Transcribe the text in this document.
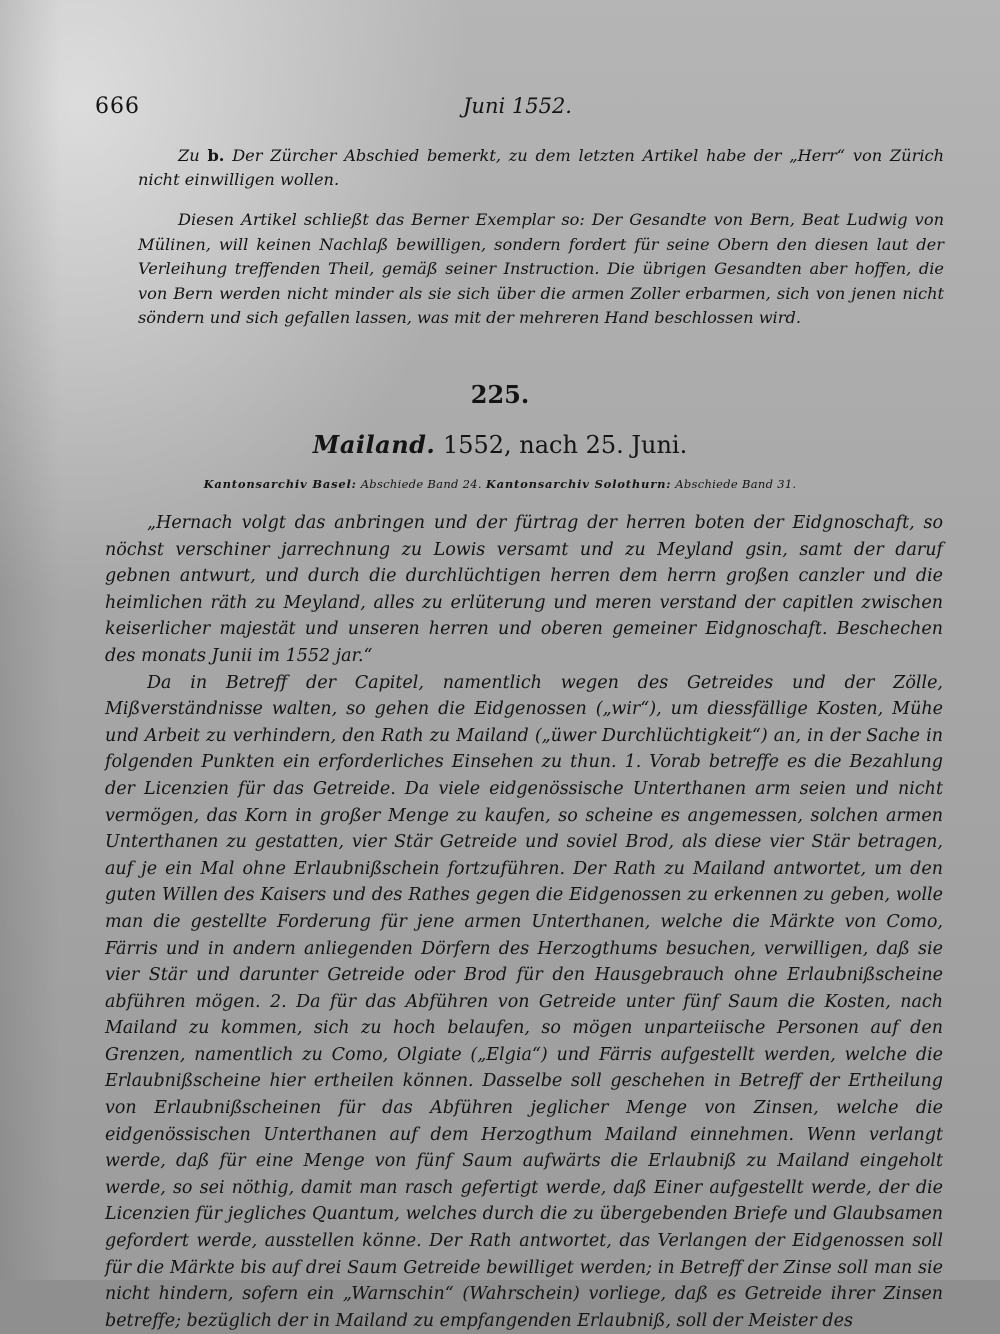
666	Juni 1552.

Zu b. Der Zürcher Abschied bemerkt, zu dem letzten Artikel habe der „Herr“ von Zürich nicht einwilligen wollen.

Diesen Artikel schließt das Berner Exemplar so: Der Gesandte von Bern, Beat Ludwig von Mülinen, will keinen Nachlaß bewilligen, sondern fordert für seine Obern den diesen laut der Verleihung treffenden Theil, gemäß seiner Instruction. Die übrigen Gesandten aber hoffen, die von Bern werden nicht minder als sie sich über die armen Zoller erbarmen, sich von jenen nicht söndern und sich gefallen lassen, was mit der mehreren Hand beschlossen wird.

225.
Mailand. 1552, nach 25. Juni.
Kantonsarchiv Basel: Abschiede Band 24. Kantonsarchiv Solothurn: Abschiede Band 31.

„Hernach volgt das anbringen und der fürtrag der herren boten der Eidgnoschaft, so nöchst verschiner jarrechnung zu Lowis versamt und zu Meyland gsin, samt der daruf gebnen antwurt, und durch die durchlüchtigen herren dem herrn großen canzler und die heimlichen räth zu Meyland, alles zu erlüterung und meren verstand der capitlen zwischen keiserlicher majestät und unseren herren und oberen gemeiner Eidgnoschaft. Beschechen des monats Junii im 1552 jar.“

Da in Betreff der Capitel, namentlich wegen des Getreides und der Zölle, Mißverständnisse walten, so gehen die Eidgenossen („wir“), um diessfällige Kosten, Mühe und Arbeit zu verhindern, den Rath zu Mailand („üwer Durchlüchtigkeit“) an, in der Sache in folgenden Punkten ein erforderliches Einsehen zu thun. 1. Vorab betreffe es die Bezahlung der Licenzien für das Getreide. Da viele eidgenössische Unterthanen arm seien und nicht vermögen, das Korn in großer Menge zu kaufen, so scheine es angemessen, solchen armen Unterthanen zu gestatten, vier Stär Getreide und soviel Brod, als diese vier Stär betragen, auf je ein Mal ohne Erlaubnißschein fortzuführen. Der Rath zu Mailand antwortet, um den guten Willen des Kaisers und des Rathes gegen die Eidgenossen zu erkennen zu geben, wolle man die gestellte Forderung für jene armen Unterthanen, welche die Märkte von Como, Färris und in andern anliegenden Dörfern des Herzogthums besuchen, verwilligen, daß sie vier Stär und darunter Getreide oder Brod für den Hausgebrauch ohne Erlaubnißscheine abführen mögen. 2. Da für das Abführen von Getreide unter fünf Saum die Kosten, nach Mailand zu kommen, sich zu hoch belaufen, so mögen unparteiische Personen auf den Grenzen, namentlich zu Como, Olgiate („Elgia“) und Färris aufgestellt werden, welche die Erlaubnißscheine hier ertheilen können. Dasselbe soll geschehen in Betreff der Ertheilung von Erlaubnißscheinen für das Abführen jeglicher Menge von Zinsen, welche die eidgenössischen Unterthanen auf dem Herzogthum Mailand einnehmen. Wenn verlangt werde, daß für eine Menge von fünf Saum aufwärts die Erlaubniß zu Mailand eingeholt werde, so sei nöthig, damit man rasch gefertigt werde, daß Einer aufgestellt werde, der die Licenzien für jegliches Quantum, welches durch die zu übergebenden Briefe und Glaubsamen gefordert werde, ausstellen könne. Der Rath antwortet, das Verlangen der Eidgenossen soll für die Märkte bis auf drei Saum Getreide bewilliget werden; in Betreff der Zinse soll man sie nicht hindern, sofern ein „Warnschin“ (Wahrschein) vorliege, daß es Getreide ihrer Zinsen betreffe; bezüglich der in Mailand zu empfangenden Erlaubniß, soll der Meister des
